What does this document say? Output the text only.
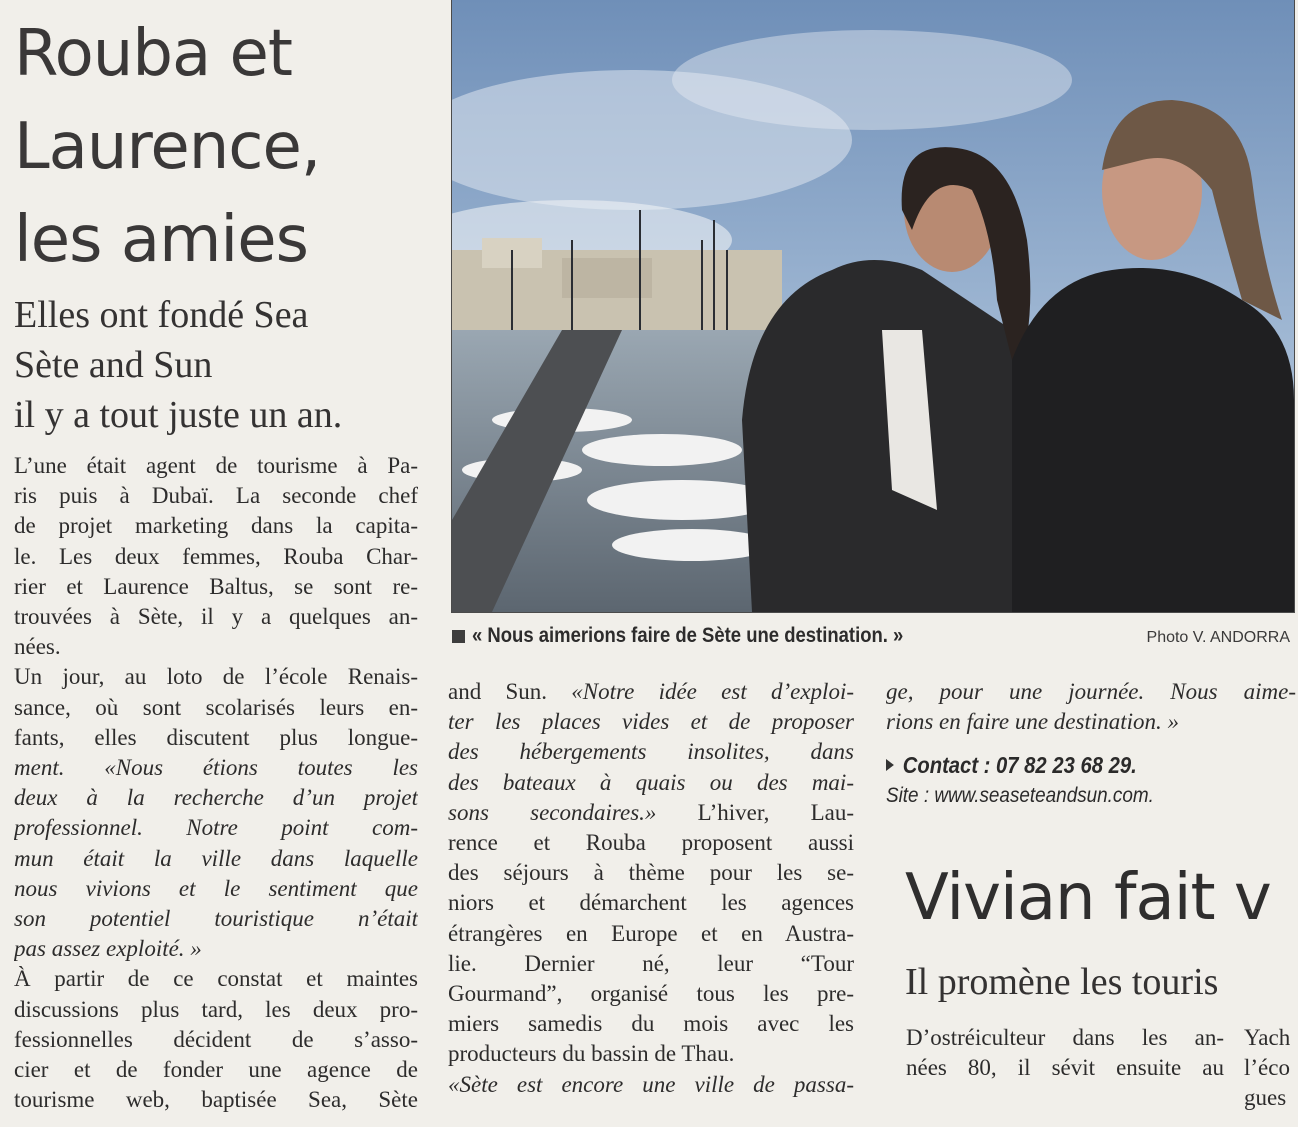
Rouba et
Laurence,
les amies
Elles ont fondé Sea
Sète and Sun
il y a tout juste un an.
L’une était agent de tourisme à Pa-
ris puis à Dubaï. La seconde chef
de projet marketing dans la capita-
le. Les deux femmes, Rouba Char-
rier et Laurence Baltus, se sont re-
trouvées à Sète, il y a quelques an-
nées.
Un jour, au loto de l’école Renais-
sance, où sont scolarisés leurs en-
fants, elles discutent plus longue-
ment. «Nous étions toutes les
deux à la recherche d’un projet
professionnel. Notre point com-
mun était la ville dans laquelle
nous vivions et le sentiment que
son potentiel touristique n’était
pas assez exploité. »
À partir de ce constat et maintes
discussions plus tard, les deux pro-
fessionnelles décident de s’asso-
cier et de fonder une agence de
tourisme web, baptisée Sea, Sète
and Sun. «Notre idée est d’exploi-
ter les places vides et de proposer
des hébergements insolites, dans
des bateaux à quais ou des mai-
sons secondaires.» L’hiver, Lau-
rence et Rouba proposent aussi
des séjours à thème pour les se-
niors et démarchent les agences
étrangères en Europe et en Austra-
lie. Dernier né, leur “Tour
Gourmand”, organisé tous les pre-
miers samedis du mois avec les
producteurs du bassin de Thau.
«Sète est encore une ville de passa-
ge, pour une journée. Nous aime-
rions en faire une destination. »
« Nous aimerions faire de Sète une destination. »	Photo V. ANDORRA
Contact : 07 82 23 68 29.
Site : www.seaseteandsun.com.
Vivian fait v
Il promène les touris
D’ostréiculteur dans les an-
nées 80, il sévit ensuite au
Yach
l’éco
gues
